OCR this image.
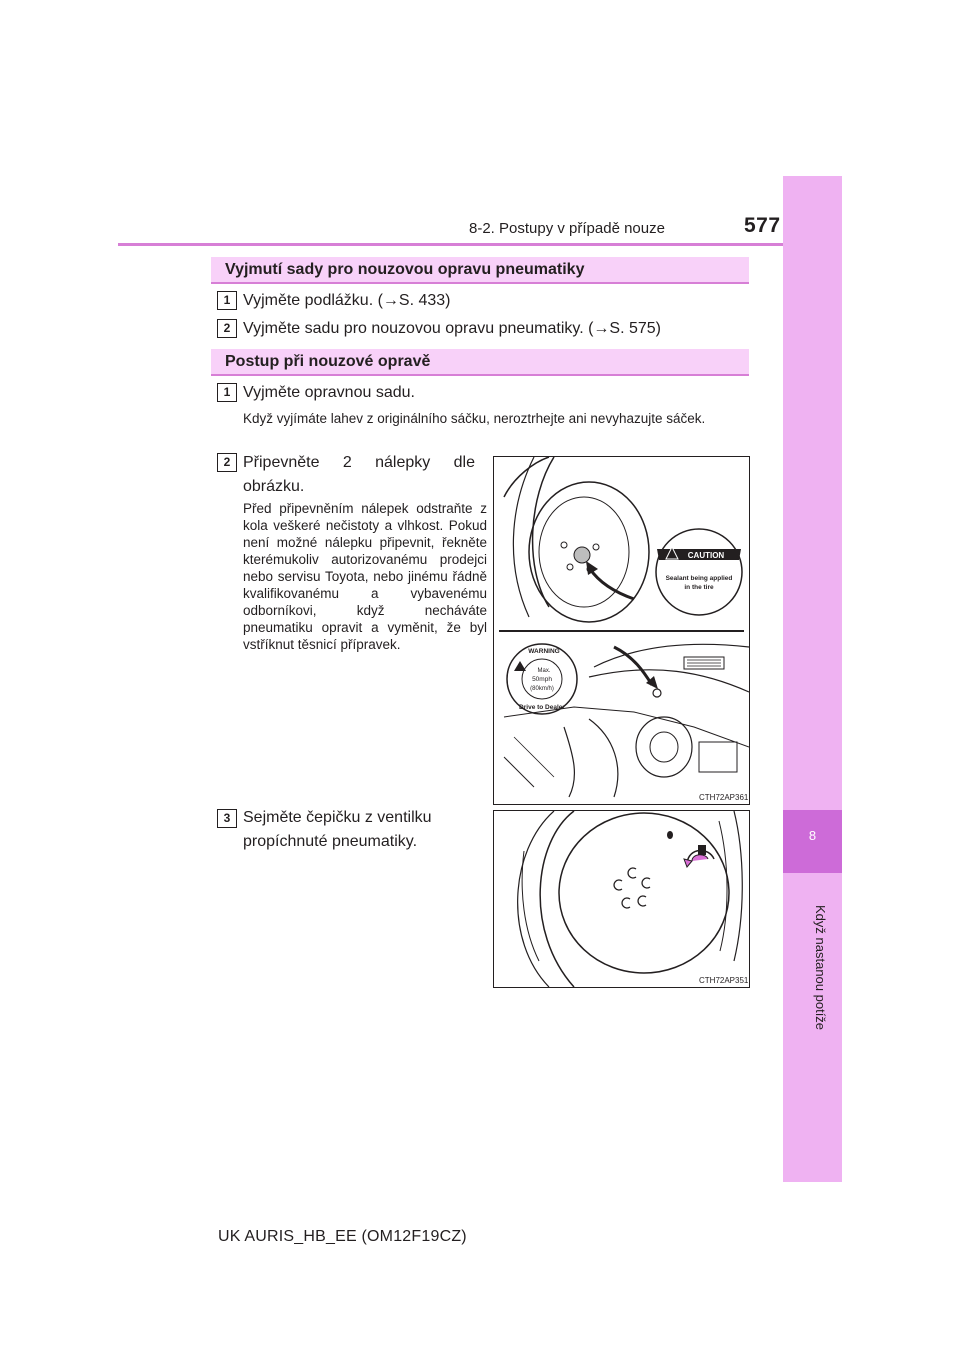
8-2. Postupy v případě nouze	577
8
Když nastanou potíže
Vyjmutí sady pro nouzovou opravu pneumatiky
1 Vyjměte podlážku. (→S. 433)
2 Vyjměte sadu pro nouzovou opravu pneumatiky. (→S. 575)
Postup při nouzové opravě
1 Vyjměte opravnou sadu.
Když vyjímáte lahev z originálního sáčku, neroztrhejte ani nevyhazujte sáček.
2 Připevněte 2 nálepky dle obrázku.
Před připevněním nálepek odstraňte z kola veškeré nečistoty a vlhkost. Pokud není možné nálepku připevnit, řekněte kterémukoliv autorizovanému prodejci nebo servisu Toyota, nebo jinému řádně kvalifikovanému a vybavenému odborníkovi, když necháváte pneumatiku opravit a vyměnit, že byl vstříknut těsnicí přípravek.
3 Sejměte čepičku z ventilku propíchnuté pneumatiky.
CAUTION
Sealant being applied
in the tire
WARNING
Max.
50mph
(80km/h)
Drive to Dealer
CTH72AP361
CTH72AP351
UK AURIS_HB_EE (OM12F19CZ)
